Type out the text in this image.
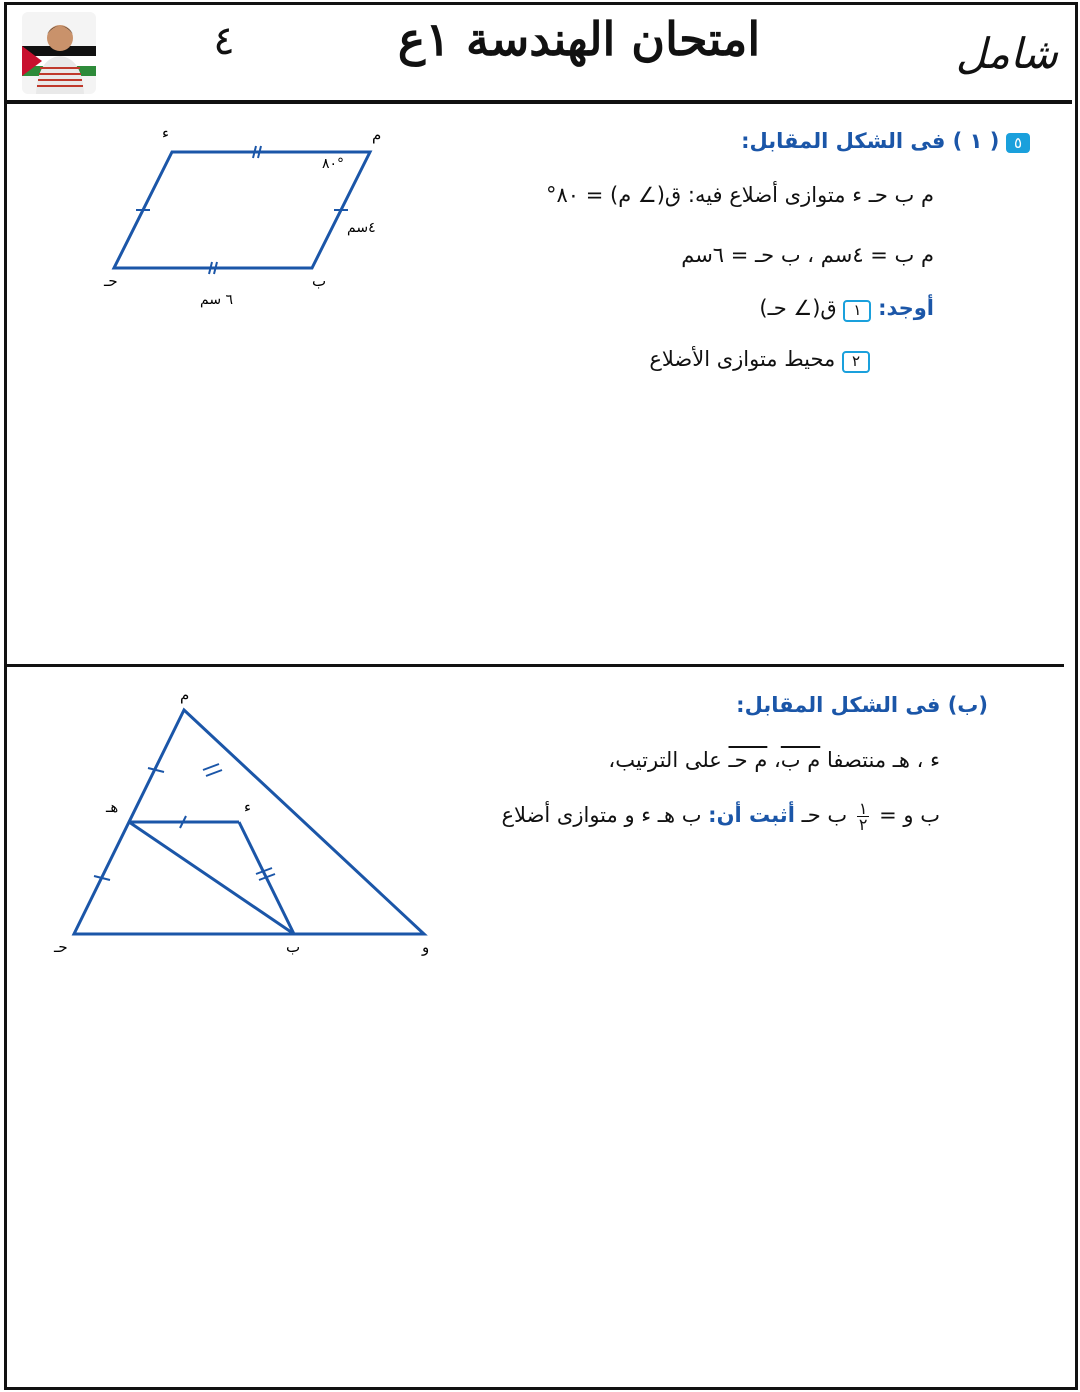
٤	امتحان الهندسة ١ع	شامل
٥ ( ١ ) فى الشكل المقابل:
م ب حـ ء متوازى أضلاع فيه: ق(∠ م) = ٨٠°
م ب = ٤سم ، ب حـ = ٦سم
أوجد: ١ ق(∠ حـ)
٢ محيط متوازى الأضلاع
م
ب
حـ
ء
٨٠°
٤سم
٦ سم
(ب) فى الشكل المقابل:
ء ، هـ منتصفا م ب، م حـ على الترتيب،
ب و =
$\frac{١}{٢}$
ب حـ أثبت أن: ب هـ ء و متوازى أضلاع
م
هـ	ء
حـ	ب	و
